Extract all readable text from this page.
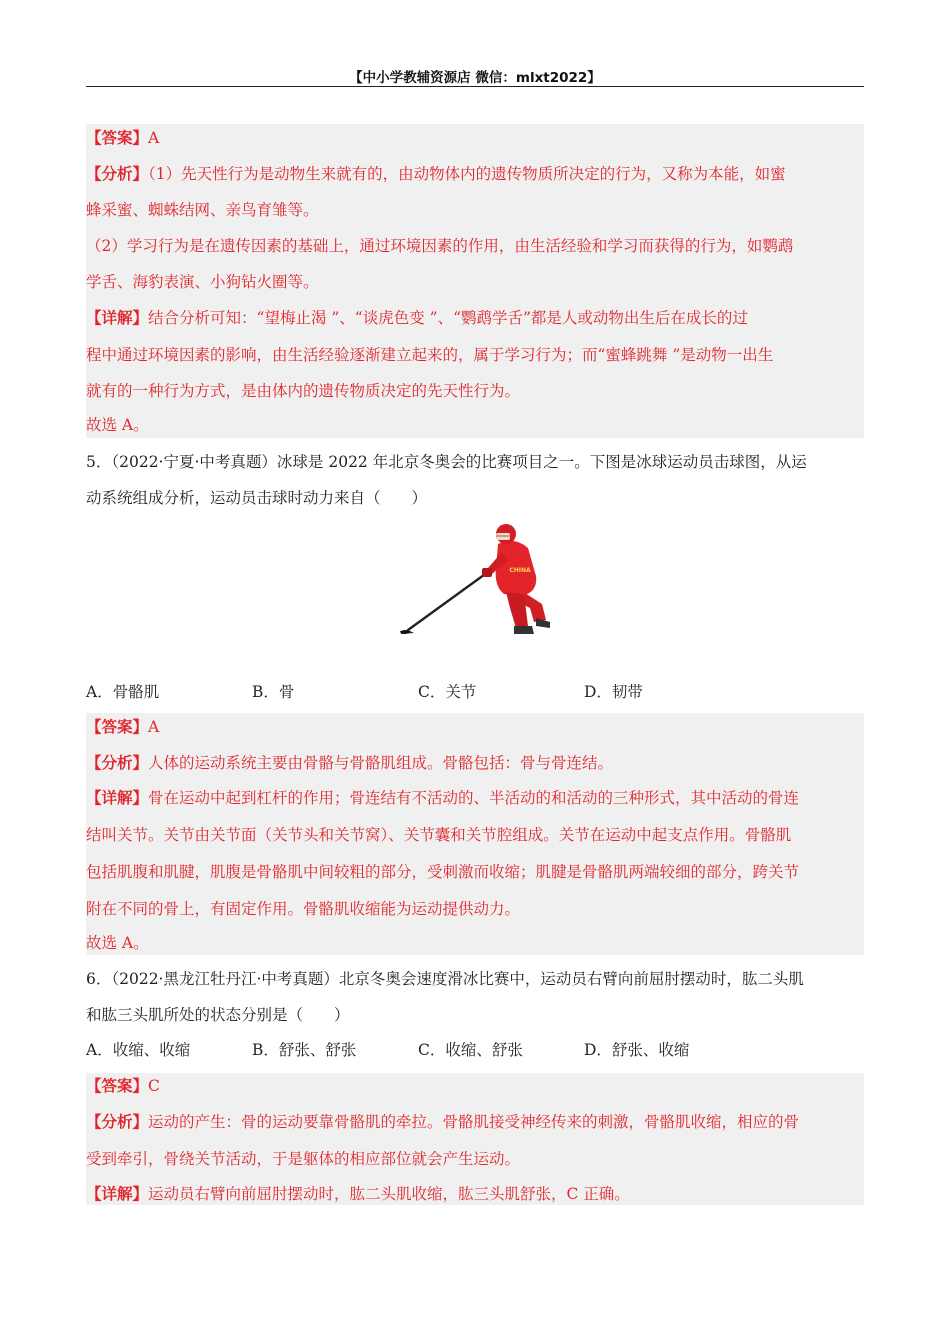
【中小学教辅资源店 微信：mlxt2022】
【答案】A
【分析】（1）先天性行为是动物生来就有的，由动物体内的遗传物质所决定的行为，又称为本能，如蜜
蜂采蜜、蜘蛛结网、亲鸟育雏等。
（2）学习行为是在遗传因素的基础上，通过环境因素的作用，由生活经验和学习而获得的行为，如鹦鹉
学舌、海豹表演、小狗钻火圈等。
【详解】结合分析可知：“望梅止渴 ”、“谈虎色变 ”、“鹦鹉学舌”都是人或动物出生后在成长的过
程中通过环境因素的影响，由生活经验逐渐建立起来的，属于学习行为；而“蜜蜂跳舞 ”是动物一出生
就有的一种行为方式，是由体内的遗传物质决定的先天性行为。
故选 A。
5．（2022·宁夏·中考真题）冰球是 2022 年北京冬奥会的比赛项目之一。下图是冰球运动员击球图，从运
动系统组成分析，运动员击球时动力来自（　　）
CHINA
A．骨骼肌	B．骨	C．关节	D．韧带
【答案】A
【分析】人体的运动系统主要由骨骼与骨骼肌组成。骨骼包括：骨与骨连结。
【详解】骨在运动中起到杠杆的作用；骨连结有不活动的、半活动的和活动的三种形式，其中活动的骨连
结叫关节。关节由关节面（关节头和关节窝）、关节囊和关节腔组成。关节在运动中起支点作用。骨骼肌
包括肌腹和肌腱，肌腹是骨骼肌中间较粗的部分，受刺激而收缩；肌腱是骨骼肌两端较细的部分，跨关节
附在不同的骨上，有固定作用。骨骼肌收缩能为运动提供动力。
故选 A。
6．（2022·黑龙江牡丹江·中考真题）北京冬奥会速度滑冰比赛中，运动员右臂向前屈肘摆动时，肱二头肌
和肱三头肌所处的状态分别是（　　）
A．收缩、收缩	B．舒张、舒张	C．收缩、舒张	D．舒张、收缩
【答案】C
【分析】运动的产生：骨的运动要靠骨骼肌的牵拉。骨骼肌接受神经传来的刺激，骨骼肌收缩，相应的骨
受到牵引，骨绕关节活动，于是躯体的相应部位就会产生运动。
【详解】运动员右臂向前屈肘摆动时，肱二头肌收缩，肱三头肌舒张，C 正确。
